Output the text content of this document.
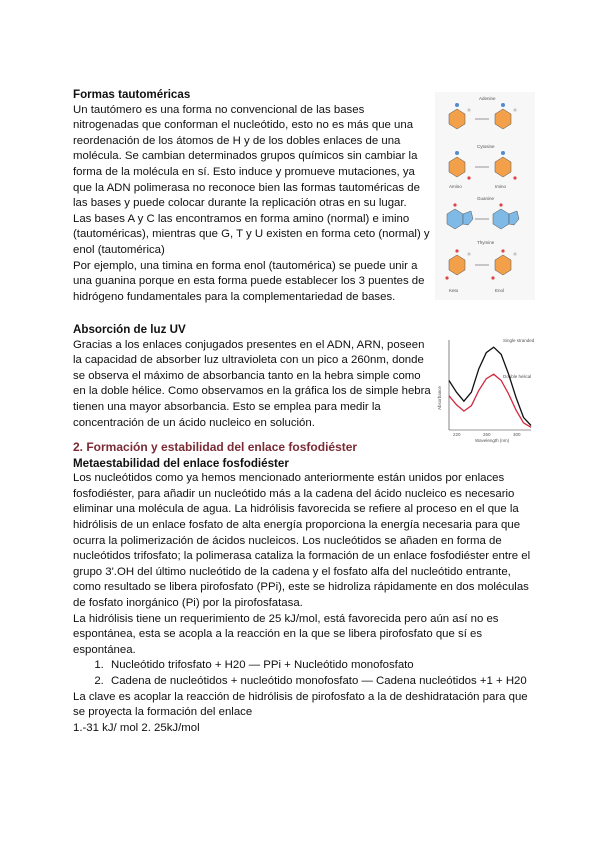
Formas tautoméricas

Un tautómero es una forma no convencional de las bases nitrogenadas que conforman el nucleótido, esto no es más que una reordenación de los átomos de H y de los dobles enlaces de una molécula. Se cambian determinados grupos químicos sin cambiar la forma de la molécula en sí. Esto induce y promueve mutaciones, ya que la ADN polimerasa no reconoce bien las formas tautoméricas de las bases y puede colocar durante la replicación otras en su lugar.

Las bases A y C las encontramos en forma amino (normal) e imino (tautoméricas), mientras que G, T y U existen en forma ceto (normal) y enol (tautomérica)

Por ejemplo, una timina en forma enol (tautomérica) se puede unir a una guanina porque en esta forma puede establecer los 3 puentes de hidrógeno fundamentales para la complementariedad de bases.

Adenine
Cytosine
Amino	Imino
Guanine
Thymine
Keto	Enol
Absorción de luz UV

Gracias a los enlaces conjugados presentes en el ADN, ARN, poseen la capacidad de absorber luz ultravioleta con un pico a 260nm, donde se observa el máximo de absorbancia tanto en la hebra simple como en la doble hélice. Como observamos en la gráfica los de simple hebra tienen una mayor absorbancia. Esto se emplea para medir la concentración de un ácido nucleico en solución.

Absorbance
Wavelength (nm)
220	260	300
Single stranded
Double helical
2. Formación y estabilidad del enlace fosfodiéster
Metaestabilidad del enlace fosfodiéster

Los nucleótidos como ya hemos mencionado anteriormente están unidos por enlaces fosfodiéster, para añadir un nucleótido más a la cadena del ácido nucleico es necesario eliminar una molécula de agua. La hidrólisis favorecida se refiere al proceso en el que la hidrólisis de un enlace fosfato de alta energía proporciona la energía necesaria para que ocurra la polimerización de ácidos nucleicos. Los nucleótidos se añaden en forma de nucleótidos trifosfato; la polimerasa cataliza la formación de un enlace fosfodiéster entre el grupo 3'.OH del último nucleótido de la cadena y el fosfato alfa del nucleótido entrante, como resultado se libera pirofosfato (PPi), este se hidroliza rápidamente en dos moléculas de fosfato inorgánico (Pi) por la pirofosfatasa.

La hidrólisis tiene un requerimiento de 25 kJ/mol, está favorecida pero aún así no es espontánea, esta se acopla a la reacción en la que se libera pirofosfato que sí es espontánea.

1. Nucleótido trifosfato + H20 — PPi + Nucleótido monofosfato
2. Cadena de nucleótidos + nucleótido monofosfato — Cadena nucleótidos +1 + H20

La clave es acoplar la reacción de hidrólisis de pirofosfato a la de deshidratación para que se proyecta la formación del enlace

1.-31 kJ/ mol 2. 25kJ/mol
